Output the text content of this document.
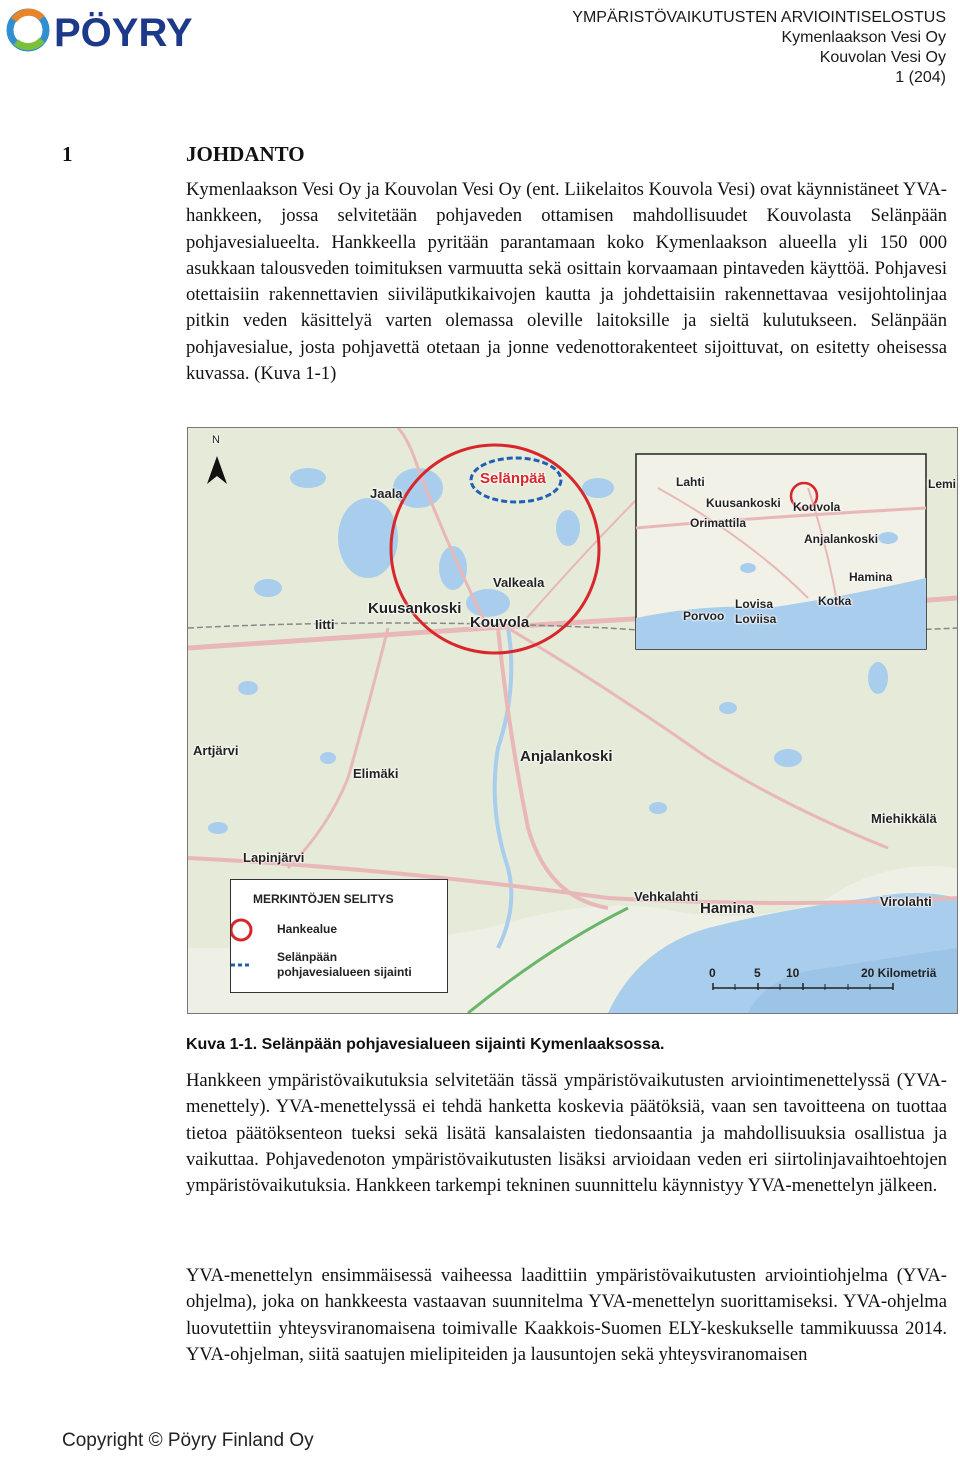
PÖYRY	YMPÄRISTÖVAIKUTUSTEN ARVIOINTISELOSTUS
Kymenlaakson Vesi Oy
Kouvolan Vesi Oy
1 (204)
1	JOHDANTO
Kymenlaakson Vesi Oy ja Kouvolan Vesi Oy (ent. Liikelaitos Kouvola Vesi) ovat käynnistäneet YVA-hankkeen, jossa selvitetään pohjaveden ottamisen mahdollisuudet Kouvolasta Selänpään pohjavesialueelta. Hankkeella pyritään parantamaan koko Kymenlaakson alueella yli 150 000 asukkaan talousveden toimituksen varmuutta sekä osittain korvaamaan pintaveden käyttöä. Pohjavesi otettaisiin rakennettavien siiviläputkikaivojen kautta ja johdettaisiin rakennettavaa vesijohtolinjaa pitkin veden käsittelyä varten olemassa oleville laitoksille ja sieltä kulutukseen. Selänpään pohjavesialue, josta pohjavettä otetaan ja jonne vedenottorakenteet sijoittuvat, on esitetty oheisessa kuvassa. (Kuva 1-1)
N
Selänpää
Jaala
Valkeala
Kuusankoski
Kouvola
Iitti
Artjärvi
Elimäki
Anjalankoski
Miehikkälä
Lapinjärvi
Vehkalahti
Hamina	Virolahti
Lahti
Kuusankoski Kouvola
Lemi
Orimattila
Anjalankoski
Hamina
Lovisa
Loviisa
Porvoo
Kotka
0	5 10	20 Kilometriä
MERKINTÖJEN SELITYS
Hankealue
Selänpään
pohjavesialueen sijainti
Kuva 1-1. Selänpään pohjavesialueen sijainti Kymenlaaksossa.
Hankkeen ympäristövaikutuksia selvitetään tässä ympäristövaikutusten arviointimenettelyssä (YVA-menettely). YVA-menettelyssä ei tehdä hanketta koskevia päätöksiä, vaan sen tavoitteena on tuottaa tietoa päätöksenteon tueksi sekä lisätä kansalaisten tiedonsaantia ja mahdollisuuksia osallistua ja vaikuttaa. Pohjavedenoton ympäristövaikutusten lisäksi arvioidaan veden eri siirtolinjavaihtoehtojen ympäristövaikutuksia. Hankkeen tarkempi tekninen suunnittelu käynnistyy YVA-menettelyn jälkeen.
YVA-menettelyn ensimmäisessä vaiheessa laadittiin ympäristövaikutusten arviointiohjelma (YVA-ohjelma), joka on hankkeesta vastaavan suunnitelma YVA-menettelyn suorittamiseksi. YVA-ohjelma luovutettiin yhteysviranomaisena toimivalle Kaakkois-Suomen ELY-keskukselle tammikuussa 2014. YVA-ohjelman, siitä saatujen mielipiteiden ja lausuntojen sekä yhteysviranomaisen
Copyright © Pöyry Finland Oy
